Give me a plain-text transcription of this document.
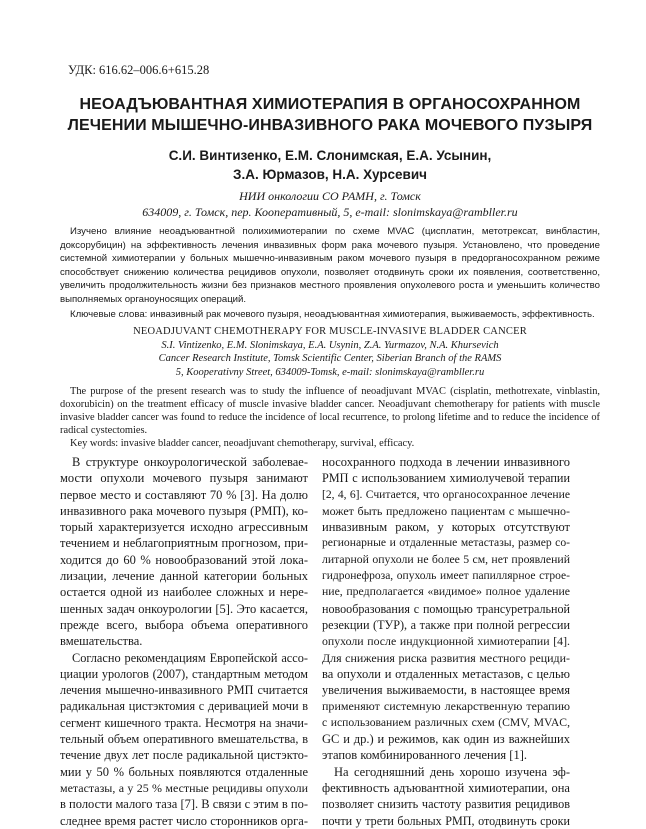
УДК: 616.62–006.6+615.28
НЕОАДЪЮВАНТНАЯ ХИМИОТЕРАПИЯ В ОРГАНОСОХРАННОМ
ЛЕЧЕНИИ МЫШЕЧНО-ИНВАЗИВНОГО РАКА МОЧЕВОГО ПУЗЫРЯ
С.И. Винтизенко, Е.М. Слонимская, Е.А. Усынин,
З.А. Юрмазов, Н.А. Хурсевич
НИИ онкологии СО РАМН, г. Томск
634009, г. Томск, пер. Кооперативный, 5, e-mail: slonimskaya@rambller.ru

Изучено влияние неоадъювантной полихимиотерапии по схеме MVAC (цисплатин, метотрексат, винбластин, доксорубицин) на эффективность лечения инвазивных форм рака мочевого пузыря. Установлено, что проведение системной химиотерапии у больных мышечно-инвазивным раком мочевого пузыря в предорганосохранном режиме способствует снижению количества рецидивов опухоли, позволяет отодвинуть сроки их появления, соответственно, увеличить продолжительность жизни без признаков местного проявления опухолевого роста и уменьшить количество выполняемых органоуносящих операций.

Ключевые слова: инвазивный рак мочевого пузыря, неоадъювантная химиотерапия, выживаемость, эффективность.

NEOADJUVANT CHEMOTHERAPY FOR MUSCLE-INVASIVE BLADDER CANCER
S.I. Vintizenko, E.M. Slonimskaya, E.A. Usynin, Z.A. Yurmazov, N.A. Khursevich
Cancer Research Institute, Tomsk Scientific Center, Siberian Branch of the RAMS
5, Kooperativny Street, 634009-Tomsk, e-mail: slonimskaya@rambller.ru

The purpose of the present research was to study the influence of neoadjuvant MVAC (cisplatin, methotrexate, vinblastin, doxorubicin) on the treatment efficacy of muscle invasive bladder cancer. Neoadjuvant chemotherapy for patients with muscle invasive bladder cancer was found to reduce the incidence of local recurrence, to prolong lifetime and to reduce the incidence of radical cystectomies.

Key words: invasive bladder cancer, neoadjuvant chemotherapy, survival, efficacy.

В структуре онкоурологической заболевае-
мости опухоли мочевого пузыря занимают
первое место и составляют 70 % [3]. На долю
инвазивного рака мочевого пузыря (РМП), ко-
торый характеризуется исходно агрессивным
течением и неблагоприятным прогнозом, при-
ходится до 60 % новообразований этой лока-
лизации, лечение данной категории больных
остается одной из наиболее сложных и нере-
шенных задач онкоурологии [5]. Это касается,
прежде всего, выбора объема оперативного
вмешательства.
Согласно рекомендациям Европейской ассо-
циации урологов (2007), стандартным методом
лечения мышечно-инвазивного РМП считается
радикальная цистэктомия с деривацией мочи в
сегмент кишечного тракта. Несмотря на значи-
тельный объем оперативного вмешательства, в
течение двух лет после радикальной цистэкто-
мии у 50 % больных появляются отдаленные
метастазы, а у 25 % местные рецидивы опухоли
в полости малого таза [7]. В связи с этим в по-
следнее время растет число сторонников орга-
носохранного подхода в лечении инвазивного
РМП с использованием химиолучевой терапии
[2, 4, 6]. Считается, что органосохранное лечение
может быть предложено пациентам с мышечно-
инвазивным раком, у которых отсутствуют
регионарные и отдаленные метастазы, размер со-
литарной опухоли не более 5 см, нет проявлений
гидронефроза, опухоль имеет папиллярное строе-
ние, предполагается «видимое» полное удаление
новообразования с помощью трансуретральной
резекции (ТУР), а также при полной регрессии
опухоли после индукционной химиотерапии [4].
Для снижения риска развития местного рециди-
ва опухоли и отдаленных метастазов, с целью
увеличения выживаемости, в настоящее время
применяют системную лекарственную терапию
с использованием различных схем (CMV, MVAC,
GC и др.) и режимов, как один из важнейших
этапов комбинированного лечения [1].
На сегодняшний день хорошо изучена эф-
фективность адъювантной химиотерапии, она
позволяет снизить частоту развития рецидивов
почти у трети больных РМП, отодвинуть сроки
